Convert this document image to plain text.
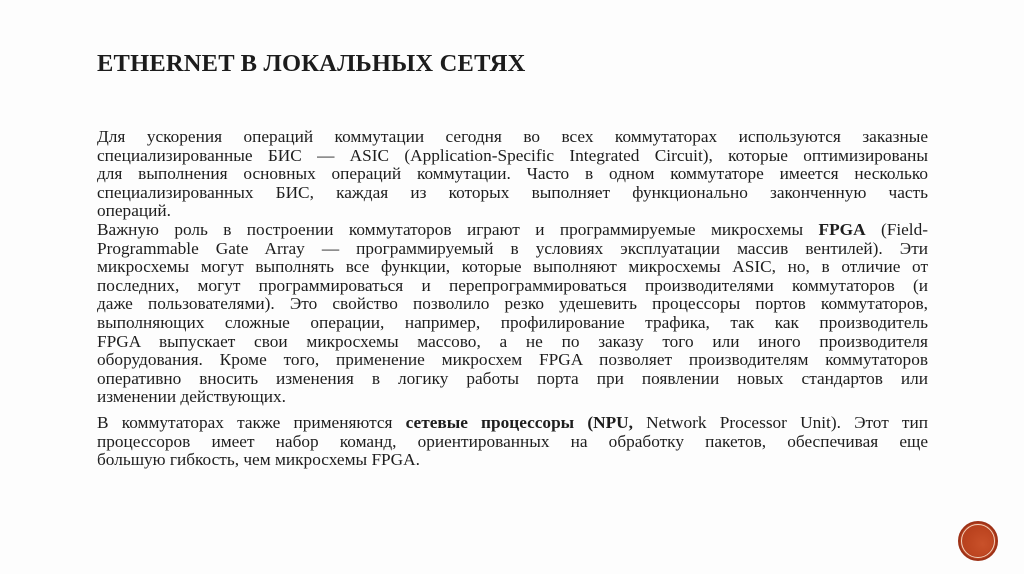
ETHERNET В ЛОКАЛЬНЫХ СЕТЯХ

Для ускорения операций коммутации сегодня во всех коммутаторах используются заказные
специализированные БИС — ASIC (Application-Specific Integrated Circuit), которые оптимизированы
для выполнения основных операций коммутации. Часто в одном коммутаторе имеется несколько
специализированных БИС, каждая из которых выполняет функционально законченную часть
операций.

Важную роль в построении коммутаторов играют и программируемые микросхемы FPGA (Field-
Programmable Gate Array — программируемый в условиях эксплуатации массив вентилей). Эти
микросхемы могут выполнять все функции, которые выполняют микросхемы ASIC, но, в отличие от
последних, могут программироваться и перепрограммироваться производителями коммутаторов (и
даже пользователями). Это свойство позволило резко удешевить процессоры портов коммутаторов,
выполняющих сложные операции, например, профилирование трафика, так как производитель
FPGA выпускает свои микросхемы массово, а не по заказу того или иного производителя
оборудования. Кроме того, применение микросхем FPGA позволяет производителям коммутаторов
оперативно вносить изменения в логику работы порта при появлении новых стандартов или
изменении действующих.

В коммутаторах также применяются сетевые процессоры (NPU, Network Processor Unit). Этот тип
процессоров имеет набор команд, ориентированных на обработку пакетов, обеспечивая еще
большую гибкость, чем микросхемы FPGA.
